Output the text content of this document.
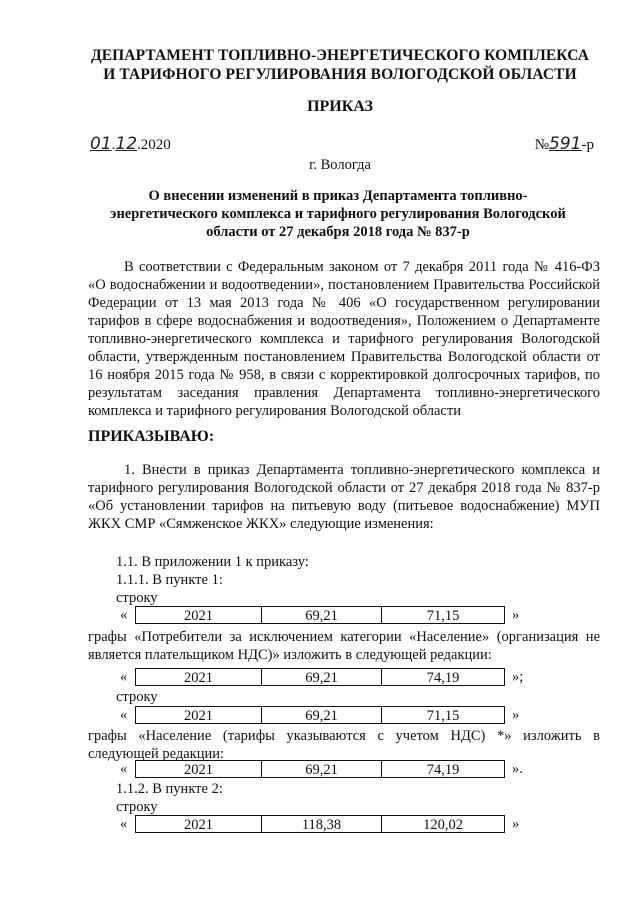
ДЕПАРТАМЕНТ ТОПЛИВНО-ЭНЕРГЕТИЧЕСКОГО КОМПЛЕКСА
И ТАРИФНОГО РЕГУЛИРОВАНИЯ ВОЛОГОДСКОЙ ОБЛАСТИ
ПРИКАЗ
01.12.2020	№591-р
г. Вологда
О внесении изменений в приказ Департамента топливно-энергетического комплекса и тарифного регулирования Вологодской области от 27 декабря 2018 года № 837-р
В соответствии с Федеральным законом от 7 декабря 2011 года № 416-ФЗ «О водоснабжении и водоотведении», постановлением Правительства Российской Федерации от 13 мая 2013 года № 406 «О государственном регулировании тарифов в сфере водоснабжения и водоотведения», Положением о Департаменте топливно-энергетического комплекса и тарифного регулирования Вологодской области, утвержденным постановлением Правительства Вологодской области от 16 ноября 2015 года № 958, в связи с корректировкой долгосрочных тарифов, по результатам заседания правления Департамента топливно-энергетического комплекса и тарифного регулирования Вологодской области
ПРИКАЗЫВАЮ:
1. Внести в приказ Департамента топливно-энергетического комплекса и тарифного регулирования Вологодской области от 27 декабря 2018 года № 837-р «Об установлении тарифов на питьевую воду (питьевое водоснабжение) МУП ЖКХ СМР «Сямженское ЖКХ» следующие изменения:
1.1. В приложении 1 к приказу:
1.1.1. В пункте 1:
строку
«	2021	69,21	71,15	»
графы «Потребители за исключением категории «Население» (организация не является плательщиком НДС)» изложить в следующей редакции:
«	2021	69,21	74,19	»;
строку
«	2021	69,21	71,15	»
графы «Население (тарифы указываются с учетом НДС) *» изложить в следующей редакции:
«	2021	69,21	74,19	».
1.1.2. В пункте 2:
строку
«	2021	118,38	120,02	»
